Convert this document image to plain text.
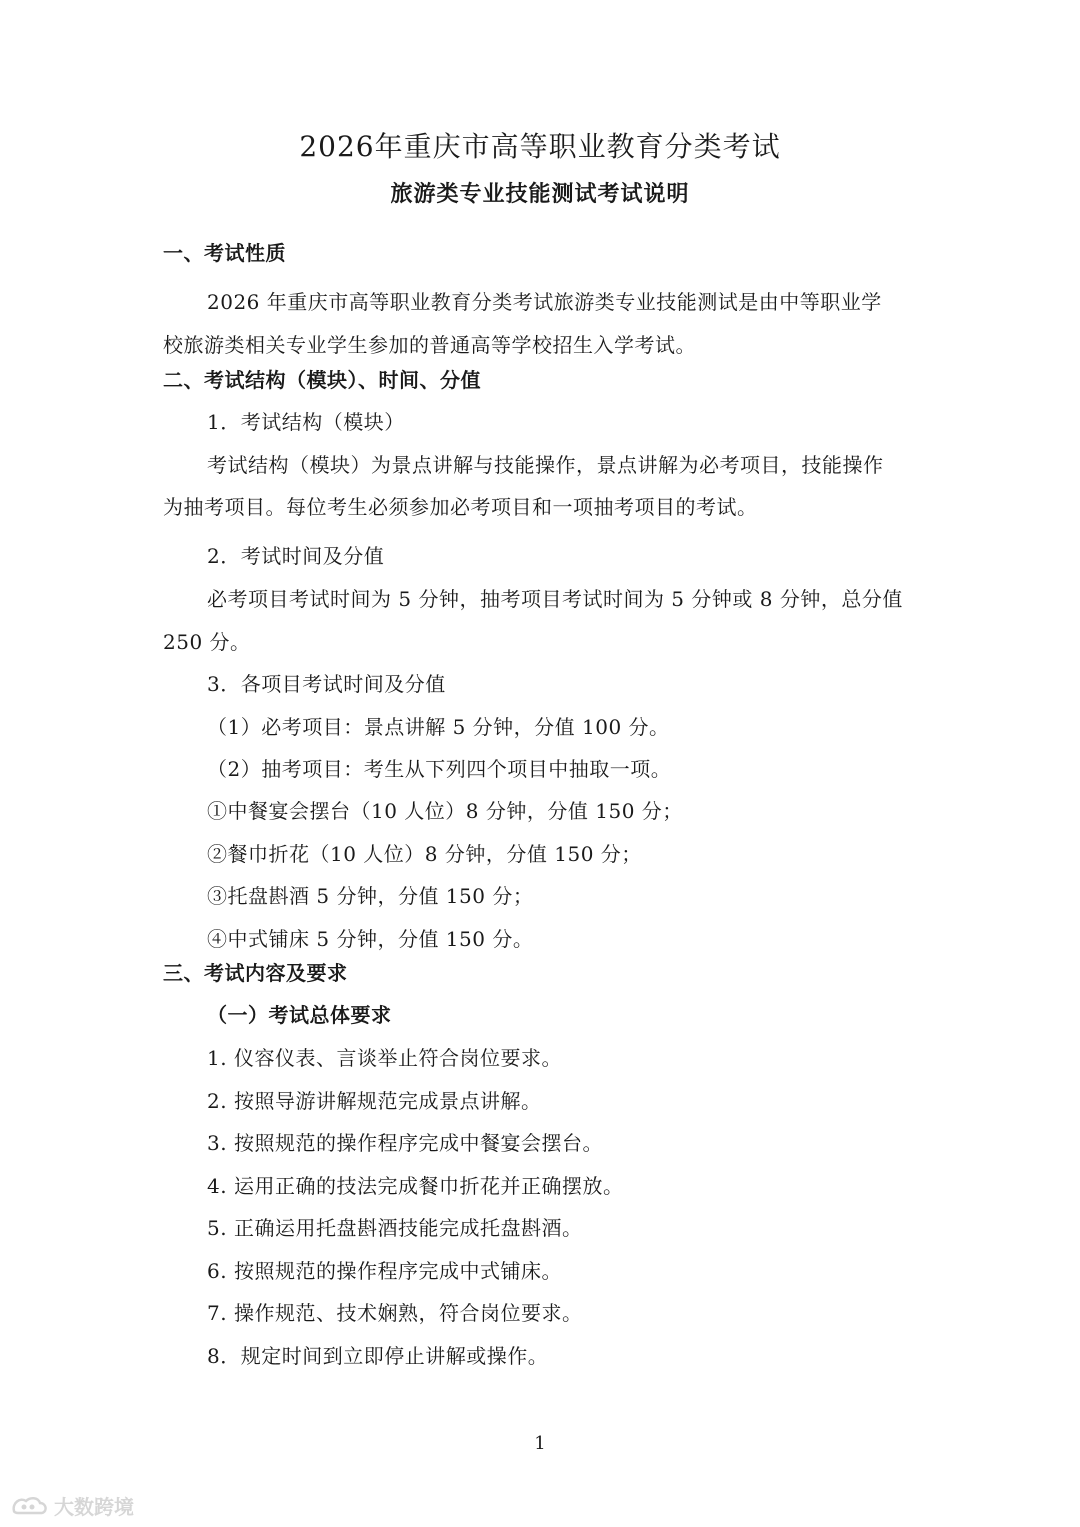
2026年重庆市高等职业教育分类考试
旅游类专业技能测试考试说明
一、考试性质
2026 年重庆市高等职业教育分类考试旅游类专业技能测试是由中等职业学
校旅游类相关专业学生参加的普通高等学校招生入学考试。
二、考试结构（模块）、时间、分值
1．考试结构（模块）
考试结构（模块）为景点讲解与技能操作，景点讲解为必考项目，技能操作
为抽考项目。每位考生必须参加必考项目和一项抽考项目的考试。
2．考试时间及分值
必考项目考试时间为 5 分钟，抽考项目考试时间为 5 分钟或 8 分钟，总分值
250 分。
3．各项目考试时间及分值
（1）必考项目：景点讲解 5 分钟，分值 100 分。
（2）抽考项目：考生从下列四个项目中抽取一项。
①中餐宴会摆台（10 人位）8 分钟，分值 150 分；
②餐巾折花（10 人位）8 分钟，分值 150 分；
③托盘斟酒 5 分钟，分值 150 分；
④中式铺床 5 分钟，分值 150 分。
三、考试内容及要求
（一）考试总体要求
1. 仪容仪表、言谈举止符合岗位要求。
2. 按照导游讲解规范完成景点讲解。
3. 按照规范的操作程序完成中餐宴会摆台。
4. 运用正确的技法完成餐巾折花并正确摆放。
5. 正确运用托盘斟酒技能完成托盘斟酒。
6. 按照规范的操作程序完成中式铺床。
7. 操作规范、技术娴熟，符合岗位要求。
8．规定时间到立即停止讲解或操作。
1
大数跨境
